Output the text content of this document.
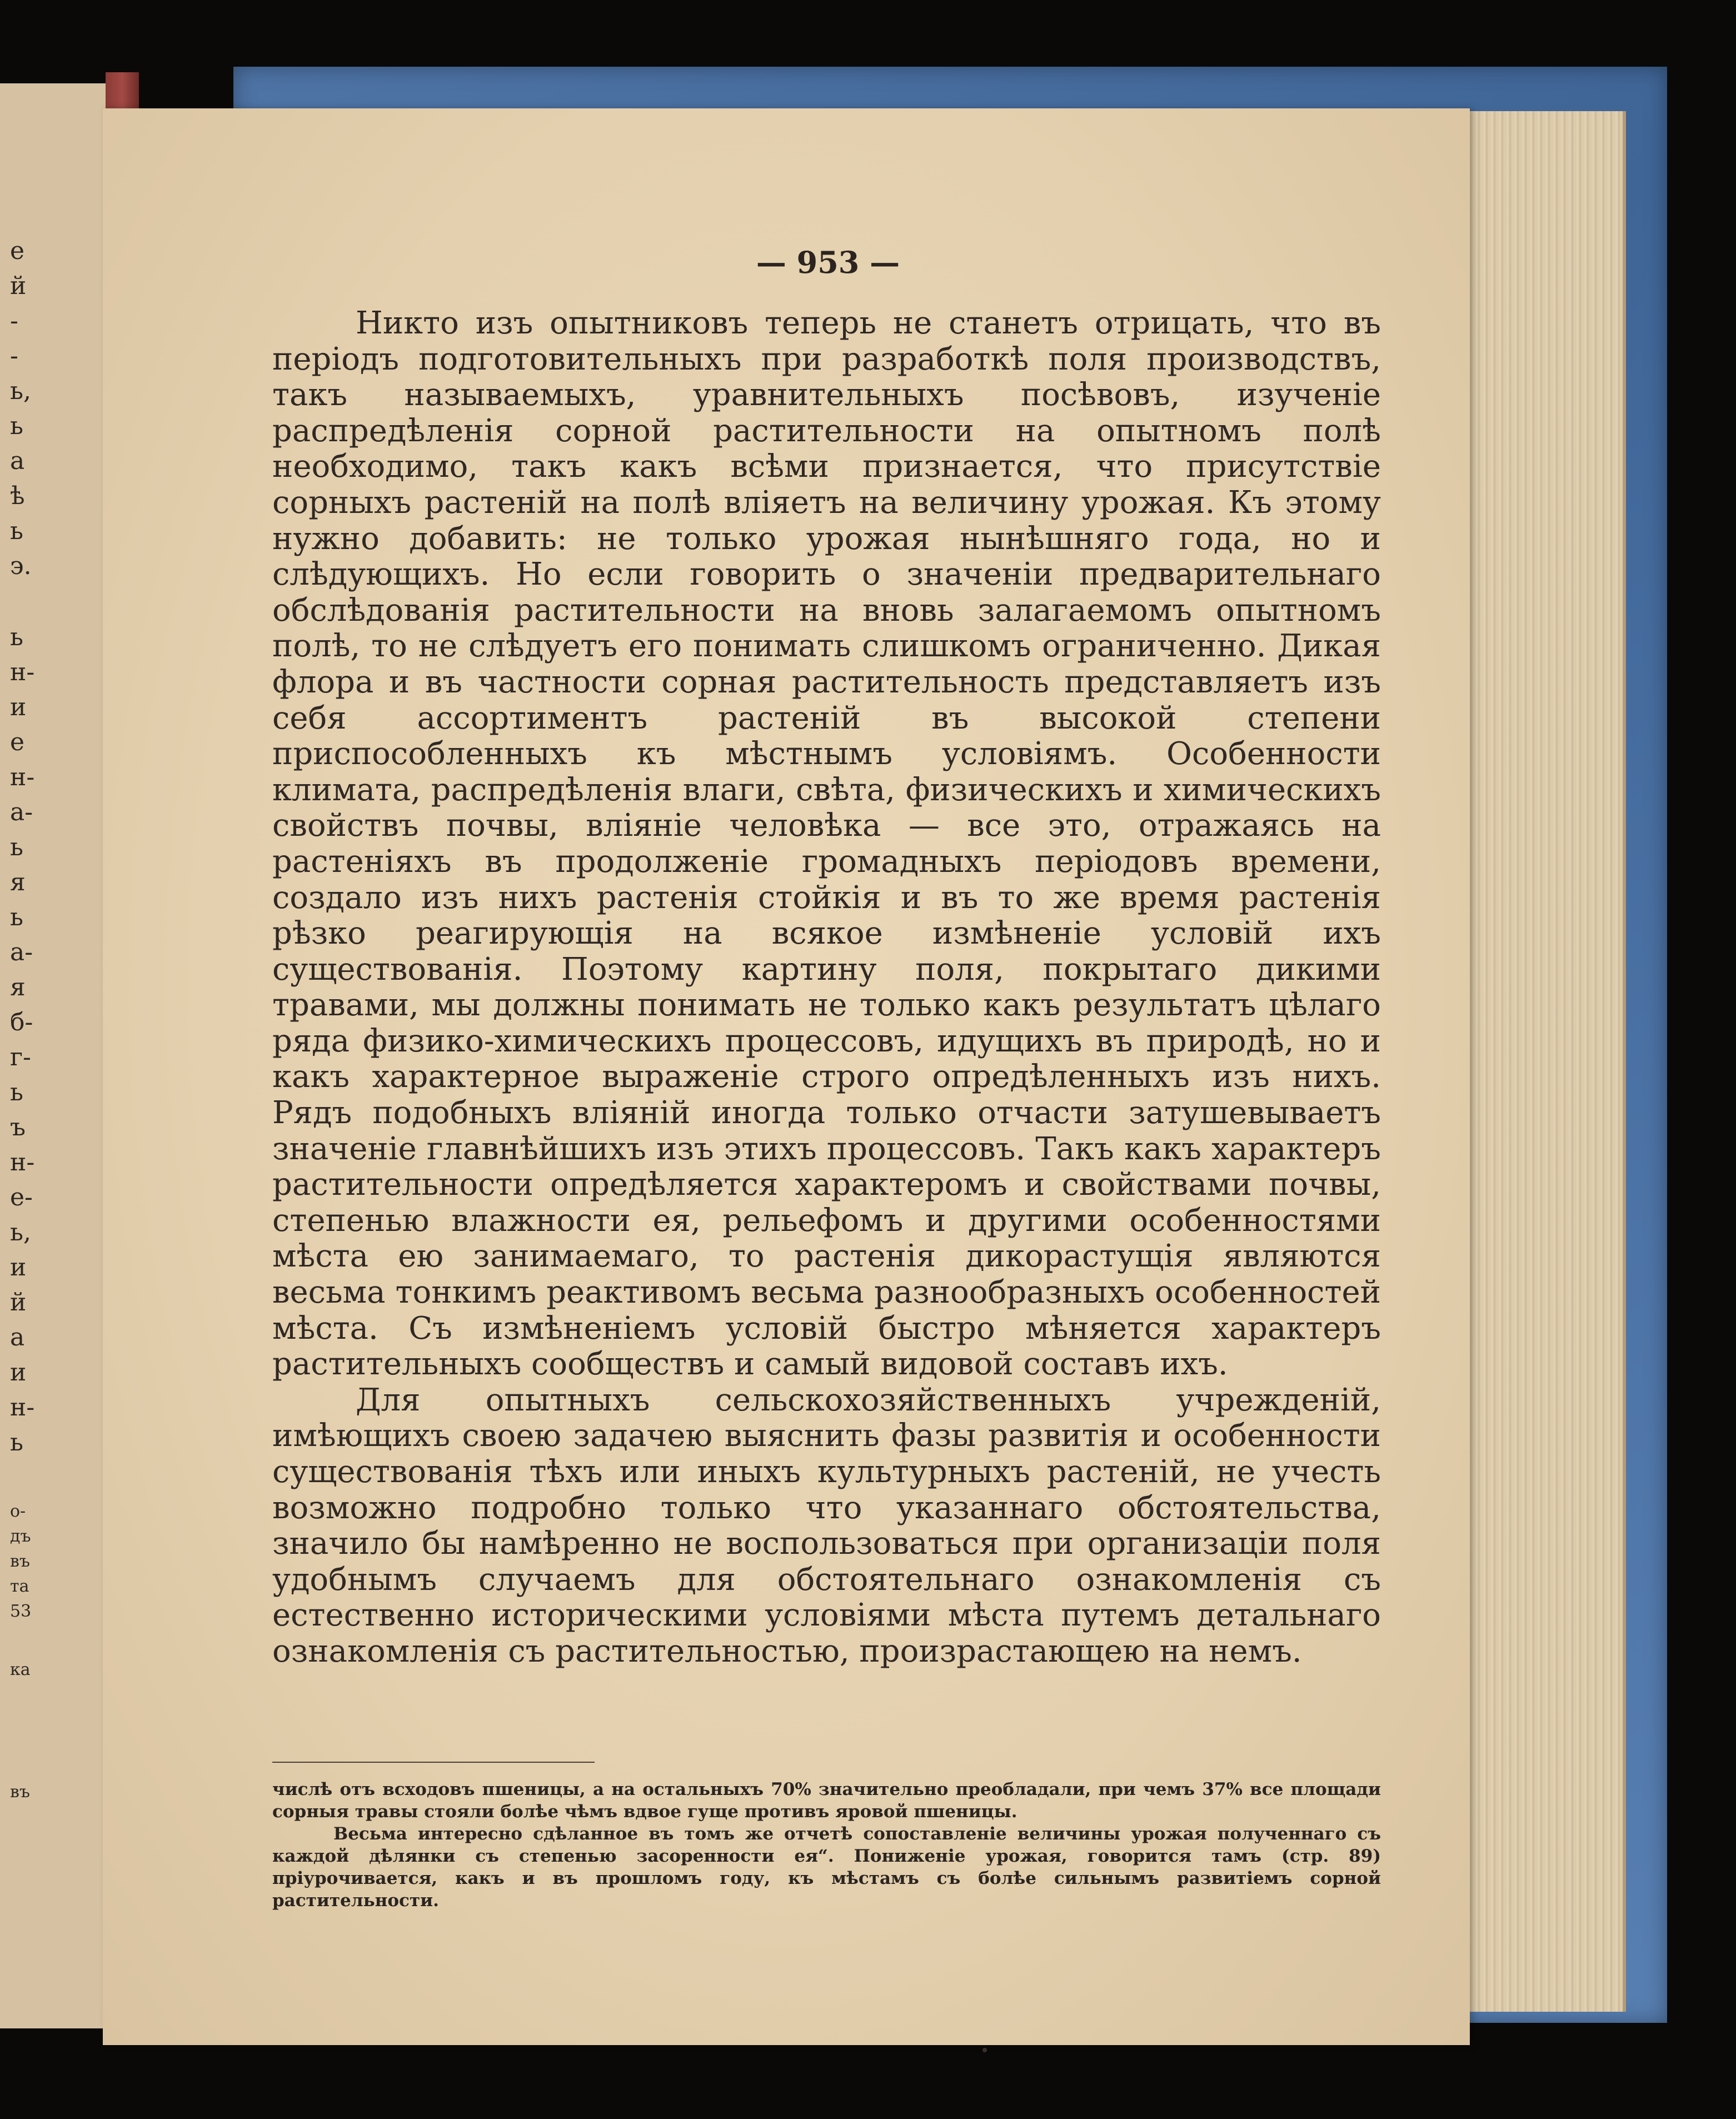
е
й
-
-
ь,
ь
а
ѣ
ь
э.
ь
н-
и
е
н-
а-
ь
я
ь
а-
я
б-
г-
ь
ъ
н-
е-
ь,
и
й
а
и
н-
ь
о-
дъ
въ
та
53
ка
въ
— 953 —

Никто изъ опытниковъ теперь не станетъ отрицать, что въ періодъ подготовительныхъ при разработкѣ поля производствъ, такъ называемыхъ, уравнительныхъ посѣвовъ, изученіе распредѣленія сорной растительности на опытномъ полѣ необходимо, такъ какъ всѣми признается, что присутствіе сорныхъ растеній на полѣ вліяетъ на величину урожая. Къ этому нужно добавить: не только урожая нынѣшняго года, но и слѣдующихъ. Но если говорить о значеніи предварительнаго обслѣдованія растительности на вновь залагаемомъ опытномъ полѣ, то не слѣдуетъ его понимать слишкомъ ограниченно. Дикая флора и въ частности сорная растительность представляетъ изъ себя ассортиментъ растеній въ высокой степени приспособленныхъ къ мѣстнымъ условіямъ. Особенности климата, распредѣленія влаги, свѣта, физическихъ и химическихъ свойствъ почвы, вліяніе человѣка — все это, отражаясь на растеніяхъ въ продолженіе громадныхъ періодовъ времени, создало изъ нихъ растенія стойкія и въ то же время растенія рѣзко реагирующія на всякое измѣненіе условій ихъ существованія. Поэтому картину поля, покрытаго дикими травами, мы должны понимать не только какъ результатъ цѣлаго ряда физико-химическихъ процессовъ, идущихъ въ природѣ, но и какъ характерное выраженіе строго опредѣленныхъ изъ нихъ. Рядъ подобныхъ вліяній иногда только отчасти затушевываетъ значеніе главнѣйшихъ изъ этихъ процессовъ. Такъ какъ характеръ растительности опредѣляется характеромъ и свойствами почвы, степенью влажности ея, рельефомъ и другими особенностями мѣста ею занимаемаго, то растенія дикорастущія являются весьма тонкимъ реактивомъ весьма разнообразныхъ особенностей мѣста. Съ измѣненіемъ условій быстро мѣняется характеръ растительныхъ сообществъ и самый видовой составъ ихъ.

Для опытныхъ сельскохозяйственныхъ учрежденій, имѣющихъ своею задачею выяснить фазы развитія и особенности существованія тѣхъ или иныхъ культурныхъ растеній, не учесть возможно подробно только что указаннаго обстоятельства, значило бы намѣренно не воспользоваться при организаціи поля удобнымъ случаемъ для обстоятельнаго ознакомленія съ естественно историческими условіями мѣста путемъ детальнаго ознакомленія съ растительностью, произрастающею на немъ.

числѣ отъ всходовъ пшеницы, а на остальныхъ 70% значительно преобладали, при чемъ 37% все площади сорныя травы стояли болѣе чѣмъ вдвое гуще противъ яровой пшеницы.

Весьма интересно сдѣланное въ томъ же отчетѣ сопоставленіе величины урожая полученнаго съ каждой дѣлянки съ степенью засоренности ея“. Пониженіе урожая, говорится тамъ (стр. 89) пріурочивается, какъ и въ прошломъ году, къ мѣстамъ съ болѣе сильнымъ развитіемъ сорной растительности.
